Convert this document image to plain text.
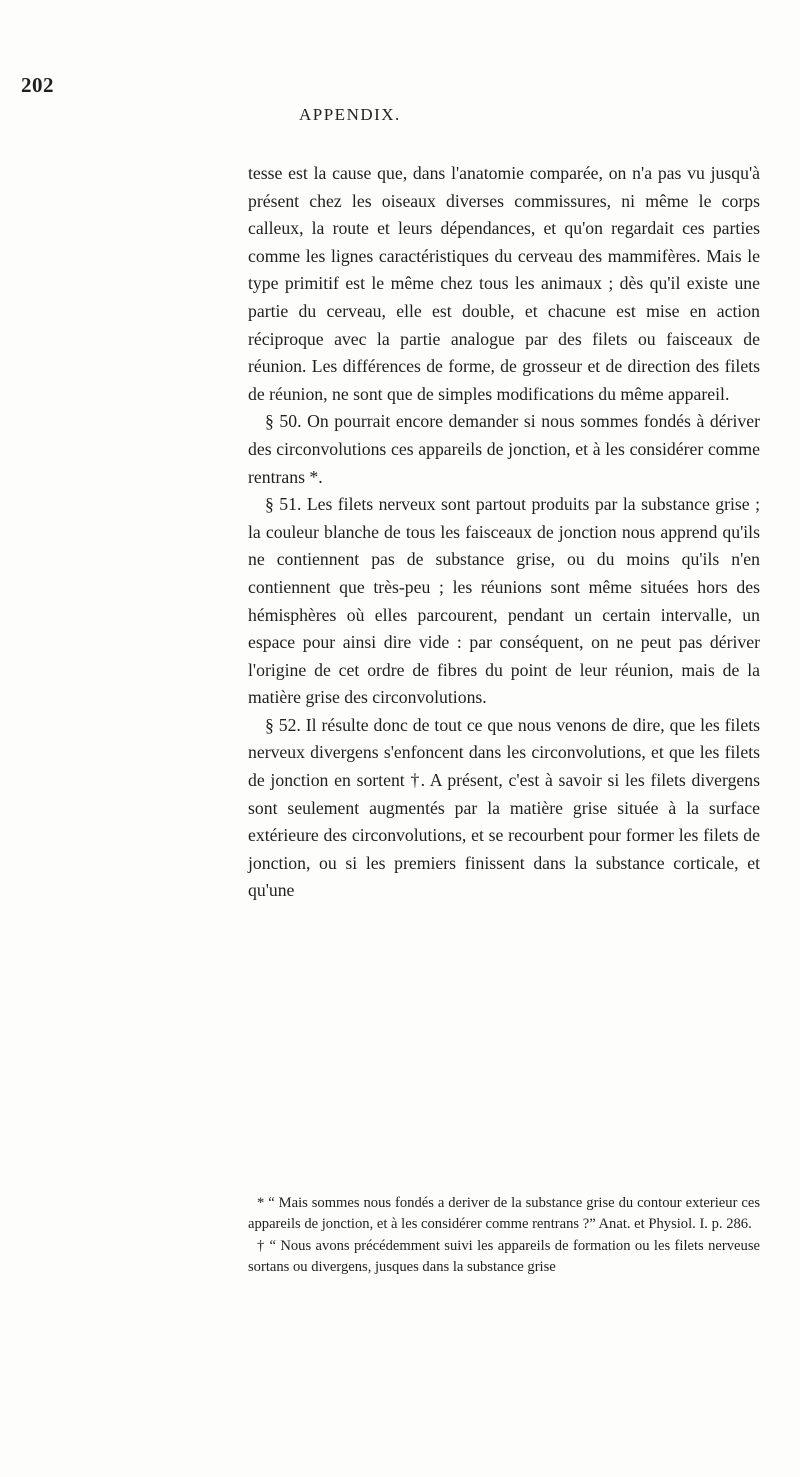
202
APPENDIX.

tesse est la cause que, dans l'anatomie comparée, on n'a pas vu jusqu'à présent chez les oiseaux diverses commissures, ni même le corps calleux, la route et leurs dépendances, et qu'on regardait ces parties comme les lignes caractéristiques du cerveau des mammifères. Mais le type primitif est le même chez tous les animaux ; dès qu'il existe une partie du cerveau, elle est double, et chacune est mise en action réciproque avec la partie analogue par des filets ou faisceaux de réunion. Les différences de forme, de grosseur et de direction des filets de réunion, ne sont que de simples modifications du même appareil.

§ 50. On pourrait encore demander si nous sommes fondés à dériver des circonvolutions ces appareils de jonction, et à les considérer comme rentrans *.

§ 51. Les filets nerveux sont partout produits par la substance grise ; la couleur blanche de tous les faisceaux de jonction nous apprend qu'ils ne contiennent pas de substance grise, ou du moins qu'ils n'en contiennent que très-peu ; les réunions sont même situées hors des hémisphères où elles parcourent, pendant un certain intervalle, un espace pour ainsi dire vide : par conséquent, on ne peut pas dériver l'origine de cet ordre de fibres du point de leur réunion, mais de la matière grise des circonvolutions.

§ 52. Il résulte donc de tout ce que nous venons de dire, que les filets nerveux divergens s'enfoncent dans les circonvolutions, et que les filets de jonction en sortent †. A présent, c'est à savoir si les filets divergens sont seulement augmentés par la matière grise située à la surface extérieure des circonvolutions, et se recourbent pour former les filets de jonction, ou si les premiers finissent dans la substance corticale, et qu'une

* “ Mais sommes nous fondés a deriver de la substance grise du contour exterieur ces appareils de jonction, et à les considérer comme rentrans ?” Anat. et Physiol. I. p. 286.

† “ Nous avons précédemment suivi les appareils de formation ou les filets nerveuse sortans ou divergens, jusques dans la substance grise
